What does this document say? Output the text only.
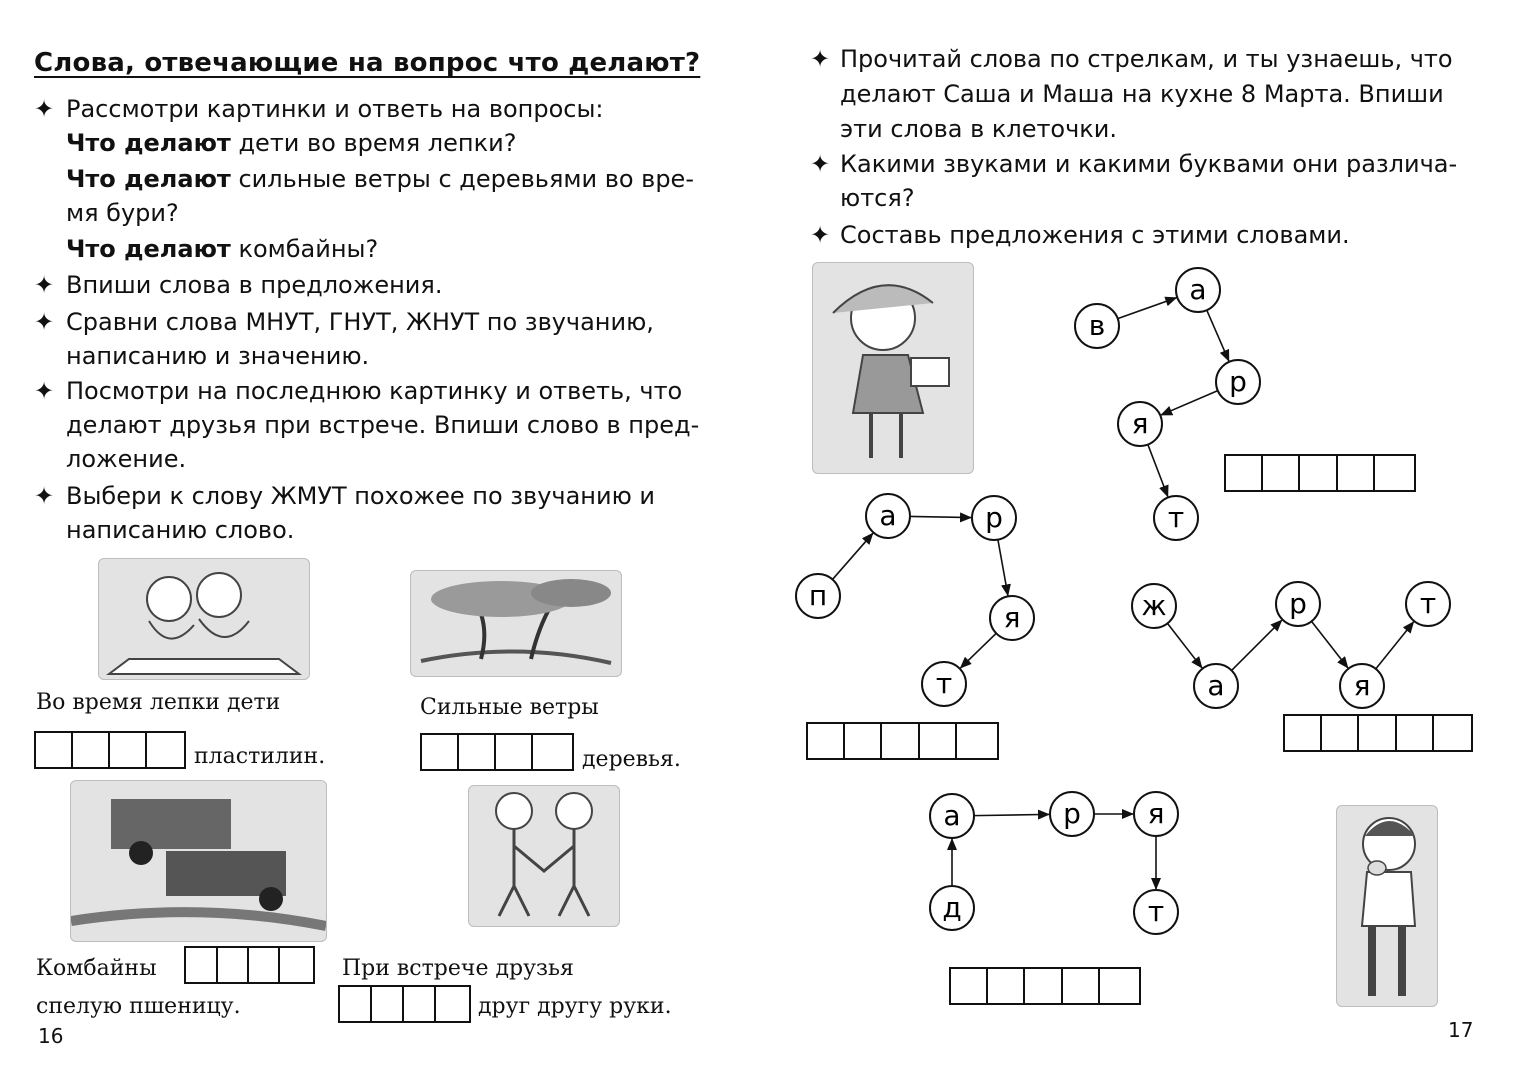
Слова, отвечающие на вопрос что делают?
✦ Рассмотри картинки и ответь на вопросы:
Что делают дети во время лепки?
Что делают сильные ветры с деревьями во вре-
мя бури?
Что делают комбайны?
✦ Впиши слова в предложения.
✦ Сравни слова МНУТ, ГНУТ, ЖНУТ по звучанию,
написанию и значению.
✦ Посмотри на последнюю картинку и ответь, что
делают друзья при встрече. Впиши слово в пред-
ложение.
✦ Выбери к слову ЖМУТ похожее по звучанию и
написанию слово.
Во время лепки дети
пластилин.
Сильные ветры
деревья.
Комбайны
спелую пшеницу.
При встрече друзья
друг другу руки.
16
✦ Прочитай слова по стрелкам, и ты узнаешь, что
делают Саша и Маша на кухне 8 Марта. Впиши
эти слова в клеточки.
✦ Какими звуками и какими буквами они различа-
ются?
✦ Составь предложения с этими словами.
в
а
р
я
т
п
а	р
я
т
ж
а
р
я
т
д
а	р я
т
17
